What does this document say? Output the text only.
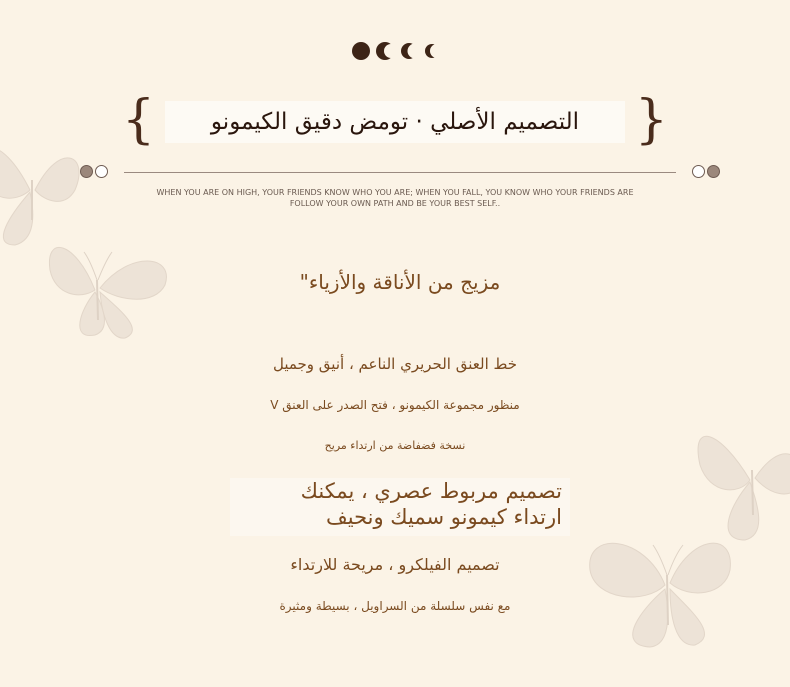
{ التصميم الأصلي · تومض دقيق الكيمونو }
WHEN YOU ARE ON HIGH, YOUR FRIENDS KNOW WHO YOU ARE; WHEN YOU FALL, YOU KNOW WHO YOUR FRIENDS ARE
FOLLOW YOUR OWN PATH AND BE YOUR BEST SELF..
مزيج من الأناقة والأزياء"
خط العنق الحريري الناعم ، أنيق وجميل
منظور مجموعة الكيمونو ، فتح الصدر على العنق V
نسخة فضفاضة من ارتداء مريح
تصميم مربوط عصري ، يمكنك
ارتداء كيمونو سميك ونحيف
تصميم الفيلكرو ، مريحة للارتداء
مع نفس سلسلة من السراويل ، بسيطة ومثيرة
